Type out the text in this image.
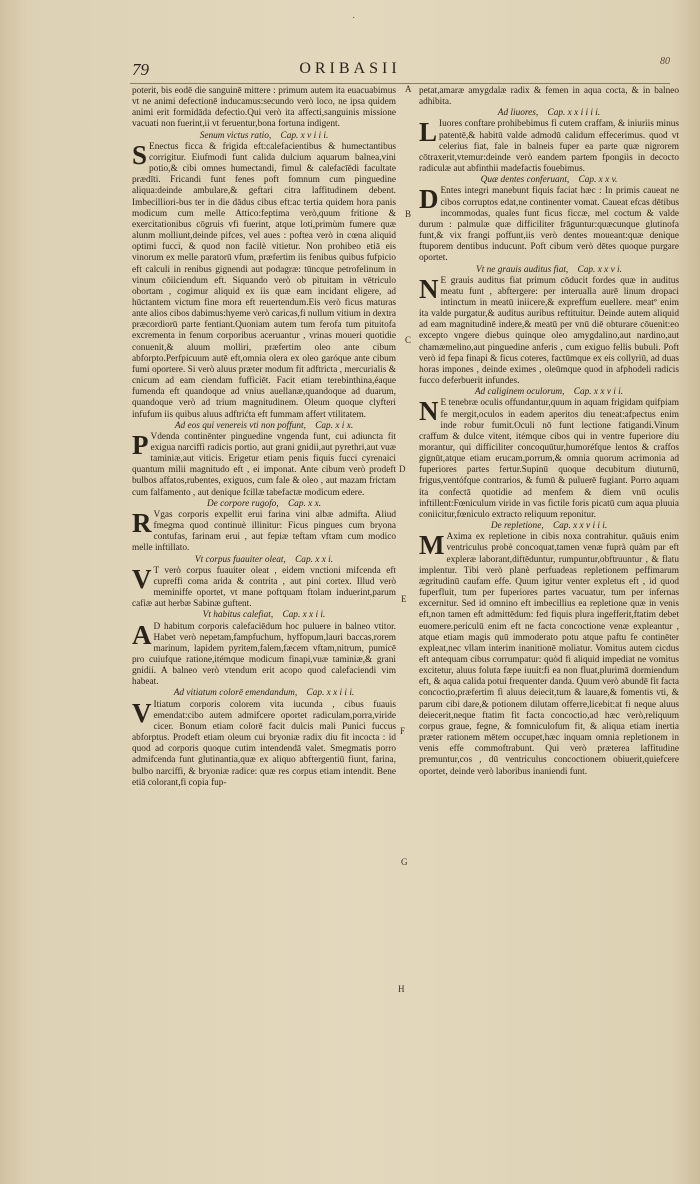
79	ORIBASII	80

poterit, bis eodē die sanguinē mittere : primum autem ita euacuabimus vt ne animi defectionē inducamus:secundo verò loco, ne ipsa quidem animi erit formidāda defectio.Qui verò ita affecti,sanguinis missione vacuati non fuerint,ii vt feruentur,bona fortuna indigent.

Senum victus ratio, Cap. x v i i i.

S Enectus ficca & frigida eft:calefacientibus & humectantibus corrigitur. Eiufmodi funt calida dulcium aquarum balnea,vini potio,& cibi omnes humectandi, fimul & calefacīēdi facultate prædīti. Fricandi funt fenes poft fomnum cum pinguedine aliqua:deinde ambulare,& geftari citra laffitudinem debent. Imbecilliori-bus ter in die dādus cibus eft:ac tertia quidem hora panis modicum cum melle Attico:feptima verò,quum fritione & exercitationibus cōgruis vfi fuerint, atque loti,primùm fumere quæ alunm molliunt,deinde pifces, vel aues : poftea verò in cœna aliquid optimi fucci, & quod non facilè vitietur. Non prohibeo etiā eis vinorum ex melle paratorū vfum, præfertim iis fenibus quibus fufpicio eft calculi in renibus gignendi aut podagræ: tūncque petrofelinum in vinum cōiiciendum eft. Siquando verò ob pituitam in vētriculo obortam , cogimur aliquid ex iis quæ eam incidant eligere, ad hūctantem victum fine mora eft reuertendum.Eis verò ficus maturas ante alios cibos dabimus:hyeme verò caricas,fi nullum vitium in dextra præcordiorū parte fentiant.Quoniam autem tum ferofa tum pituitofa excrementa in fenum corporibus aceruantur , vrinas moueri quotidie conuenit,& aluum molliri, præfertim oleo ante cibum abforpto.Perfpicuum autē eft,omnia olera ex oleo garóque ante cibum fumi oportere. Si verò aluus præter modum fit adftricta , mercurialis & cnicum ad eam ciendam fufficiēt. Facit etiam terebinthina,éaque fumenda eft quandoque ad vnius auellanæ,quandoque ad duarum, quandoque verò ad trium magnitudinem. Oleum quoque clyfteri infufum iis quibus aluus adftrićta eft fummam affert vtilitatem.

Ad eos qui venereis vti non poffunt, Cap. x i x.

P Vdenda continēnter pinguedine vngenda funt, cui adiuncta fit exigua narciffi radicis portio, aut grani gnidii,aut pyrethri,aut vuæ taminiæ,aut viticis. Erigetur etiam penis fiquis fucci cyrenaici quantum milii magnitudo eft , ei imponat. Ante cibum verò prodeft bulbos affatos,rubentes, exiguos, cum fale & oleo , aut mazam frictam cum falfamento , aut denique fcillæ tabefactæ modicum edere.

De corpore rugofo, Cap. x x.

R Vgas corporis expellit erui farina vini albæ admifta. Aliud fmegma quod continuè illinitur: Ficus pingues cum bryona contufas, farinam erui , aut fepiæ teftam vftam cum modico melle inftillato.

Vt corpus fuauiter oleat, Cap. x x i.

V T verò corpus fuauiter oleat , eidem vnctioni mifcenda eft cupreffi coma arida & contrita , aut pini cortex. Illud verò meminiffe oportet, vt mane poftquam ftolam induerint,parum cafiæ aut herbæ Sabinæ guftent.

Vt habitus calefiat, Cap. x x i i.

A D habitum corporis calefaciēdum hoc puluere in balneo vtitor. Habet verò nepetam,fampfuchum, hyffopum,lauri baccas,rorem marinum, lapidem pyritem,falem,fæcem vftam,nitrum, pumicē pro cuiufque ratione,itémque modicum finapi,vuæ taminiæ,& grani gnidii. A balneo verò vtendum erit acopo quod calefaciendi vim habeat.

Ad vitiatum colorē emendandum, Cap. x x i i i.

V Itiatum corporis colorem vita iucunda , cibus fuauis emendat:cibo autem admifcere oportet radiculam,porra,viride cicer. Bonum etiam colorē facit dulcis mali Punici fuccus abforptus. Prodeft etiam oleum cui bryoniæ radix diu fit incocta : id quod ad corporis quoque cutim intendendā valet. Smegmatis porro admifcenda funt glutinantia,quæ ex aliquo abftergentiū fiunt, farina, bulbo narciffi, & bryoniæ radice: quæ res corpus etiam intendit. Bene etiā colorant,fi copia fup-

petat,amaræ amygdalæ radix & femen in aqua cocta, & in balneo adhibita.

Ad liuores, Cap. x x i i i i.

L Iuores conftare prohibebimus fi cutem craffam, & iniuriis minus patentē,& habitū valde admodū calidum effecerimus. quod vt celerius fiat, fale in balneis fuper ea parte quæ nigrorem cōtraxerit,vtemur:deinde verò eandem partem fpongiis in decocto radiculæ aut abfinthii madefactis fouebimus.

Quæ dentes conferuant, Cap. x x v.

D Entes integri manebunt fiquis faciat hæc : In primis caueat ne cibos corruptos edat,ne continenter vomat. Caueat efcas dētibus incommodas, quales funt ficus ficcæ, mel coctum & valde durum : palmulæ quæ difficiliter frāguntur:quæcunque glutinofa funt,& vix frangi poffunt,iis verò dentes moueant:quæ denique ftuporem dentibus inducunt. Poft cibum verò dētes quoque purgare oportet.

Vt ne grauis auditus fiat, Cap. x x v i.

N E grauis auditus fiat primum cōducit fordes quæ in auditus meatu funt , abftergere: per interualla aurē linum dropaci intinctum in meatū iniicere,& expreffum euellere. meatº enim ita valde purgatur,& auditus auribus reftituitur. Deinde autem aliquid ad eam magnitudinē indere,& meatū per vnū diē obturare cōuenit:eo excepto vngere diebus quinque oleo amygdalino,aut nardino,aut chamæmelino,aut pinguedine anferis , cum exiguo fellis bubuli. Poft verò id fepa finapi & ficus coteres, factūmque ex eis collyriū, ad duas horas impones , deinde eximes , oleūmque quod in afphodeli radicis fucco deferbuerit infundes.

Ad caliginem oculorum, Cap. x x v i i.

N E tenebræ oculis offundantur,quum in aquam frigidam quifpiam fe mergit,oculos in eadem aperitos diu teneat:afpectus enim inde robur fumit.Oculi nō funt lectione fatigandi.Vinum craffum & dulce vitent, itémque cibos qui in ventre fuperiore diu morantur, qui difficiliter concoquūtur,humoréfque lentos & craffos gignūt,atque etiam erucam,porrum,& omnia quorum acrimonia ad fuperiores partes fertur.Supinū quoque decubitum diuturnū, frigus,ventófque contrarios, & fumū & puluerē fugiant. Porro aquam ita confectā quotidie ad menfem & diem vnū oculis inftillent:Fœniculum viride in vas fictile foris picatū cum aqua pluuia coniicitur,fœniculo extracto reliquum reponitur.

De repletione, Cap. x x v i i i.

M Axima ex repletione in cibis noxa contrahitur. quāuis enim ventriculus probè concoquat,tamen venæ fuprà quàm par eft expleræ laborant,diftēduntur, rumpuntur,obftruuntur , & flatu implentur. Tibi verò planè perfuadeas repletionem peffimarum ægritudinū caufam effe. Quum igitur venter expletus eft , id quod fuperfluit, tum per fuperiores partes vacuatur, tum per infernas excernitur. Sed id omnino eft imbecillius ea repletione quæ in venis eft,non tamen eft admittēdum: fed fiquis plura ingefferit,ftatim debet euomere.periculū enim eft ne facta concoctione venæ expleantur , atque etiam magis quū immoderato potu atque paftu fe continēter expleat,nec vllam interim inanitionē moliatur. Vomitus autem cicdus eft antequam cibus corrumpatur: quòd fi aliquid impediat ne vomitus excitetur, aluus foluta fæpe iuuit:fi ea non fluat,plurimā dormiendum eft, & aqua calida potui frequenter danda. Quum verò abundē fit facta concoctio,præfertim fi aluus deiecit,tum & lauare,& fomentis vti, & parum cibi dare,& potionem dilutam offerre,licebit:at fi neque aluus deiecerit,neque ftatim fit facta concoctio,ad hæc verò,reliquum corpus graue, fegne, & fomniculofum fit, & aliqua etiam inertia præter rationem mētem occupet,hæc inquam omnia repletionem in venis effe commoftrabunt. Qui verò præterea laffitudine premuntur,cos , dū ventriculus concoctionem obiuerit,quiefcere oportet, deinde verò laboribus inaniendi funt.

A
B
C
D
E
F
G
H
˙
